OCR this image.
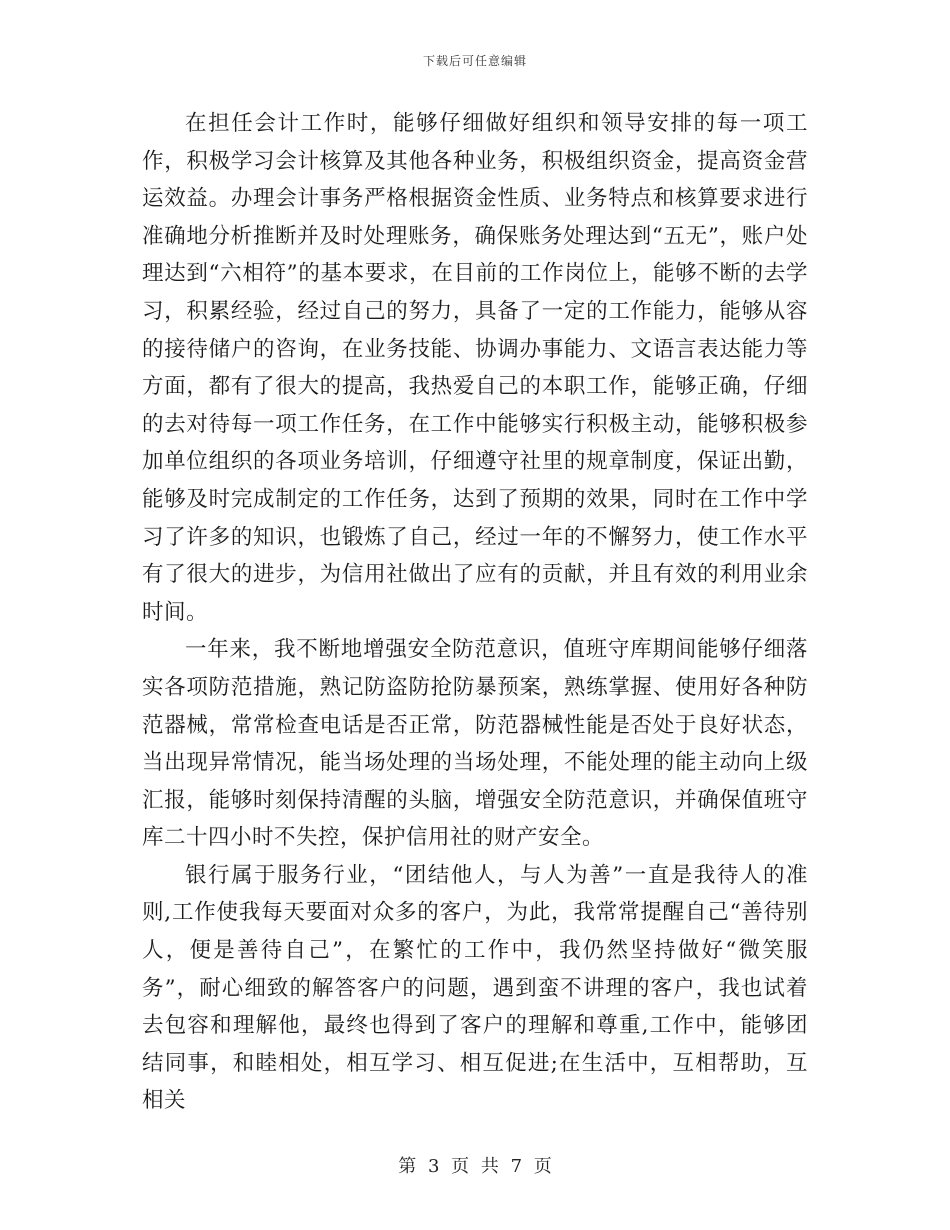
下载后可任意编辑

在担任会计工作时，能够仔细做好组织和领导安排的每一项工作，积极学习会计核算及其他各种业务，积极组织资金，提高资金营运效益。办理会计事务严格根据资金性质、业务特点和核算要求进行准确地分析推断并及时处理账务，确保账务处理达到“五无”，账户处理达到“六相符”的基本要求，在目前的工作岗位上，能够不断的去学习，积累经验，经过自己的努力，具备了一定的工作能力，能够从容的接待储户的咨询，在业务技能、协调办事能力、文语言表达能力等方面，都有了很大的提高，我热爱自己的本职工作，能够正确，仔细的去对待每一项工作任务，在工作中能够实行积极主动，能够积极参加单位组织的各项业务培训，仔细遵守社里的规章制度，保证出勤，能够及时完成制定的工作任务，达到了预期的效果，同时在工作中学习了许多的知识，也锻炼了自己，经过一年的不懈努力，使工作水平有了很大的进步，为信用社做出了应有的贡献，并且有效的利用业余时间。

一年来，我不断地增强安全防范意识，值班守库期间能够仔细落实各项防范措施，熟记防盗防抢防暴预案，熟练掌握、使用好各种防范器械，常常检查电话是否正常，防范器械性能是否处于良好状态，当出现异常情况，能当场处理的当场处理，不能处理的能主动向上级汇报，能够时刻保持清醒的头脑，增强安全防范意识，并确保值班守库二十四小时不失控，保护信用社的财产安全。

银行属于服务行业，“团结他人，与人为善”一直是我待人的准则,工作使我每天要面对众多的客户，为此，我常常提醒自己“善待别人，便是善待自己”，在繁忙的工作中，我仍然坚持做好“微笑服务”，耐心细致的解答客户的问题，遇到蛮不讲理的客户，我也试着去包容和理解他，最终也得到了客户的理解和尊重,工作中，能够团结同事，和睦相处，相互学习、相互促进;在生活中，互相帮助，互相关

第 3 页 共 7 页
